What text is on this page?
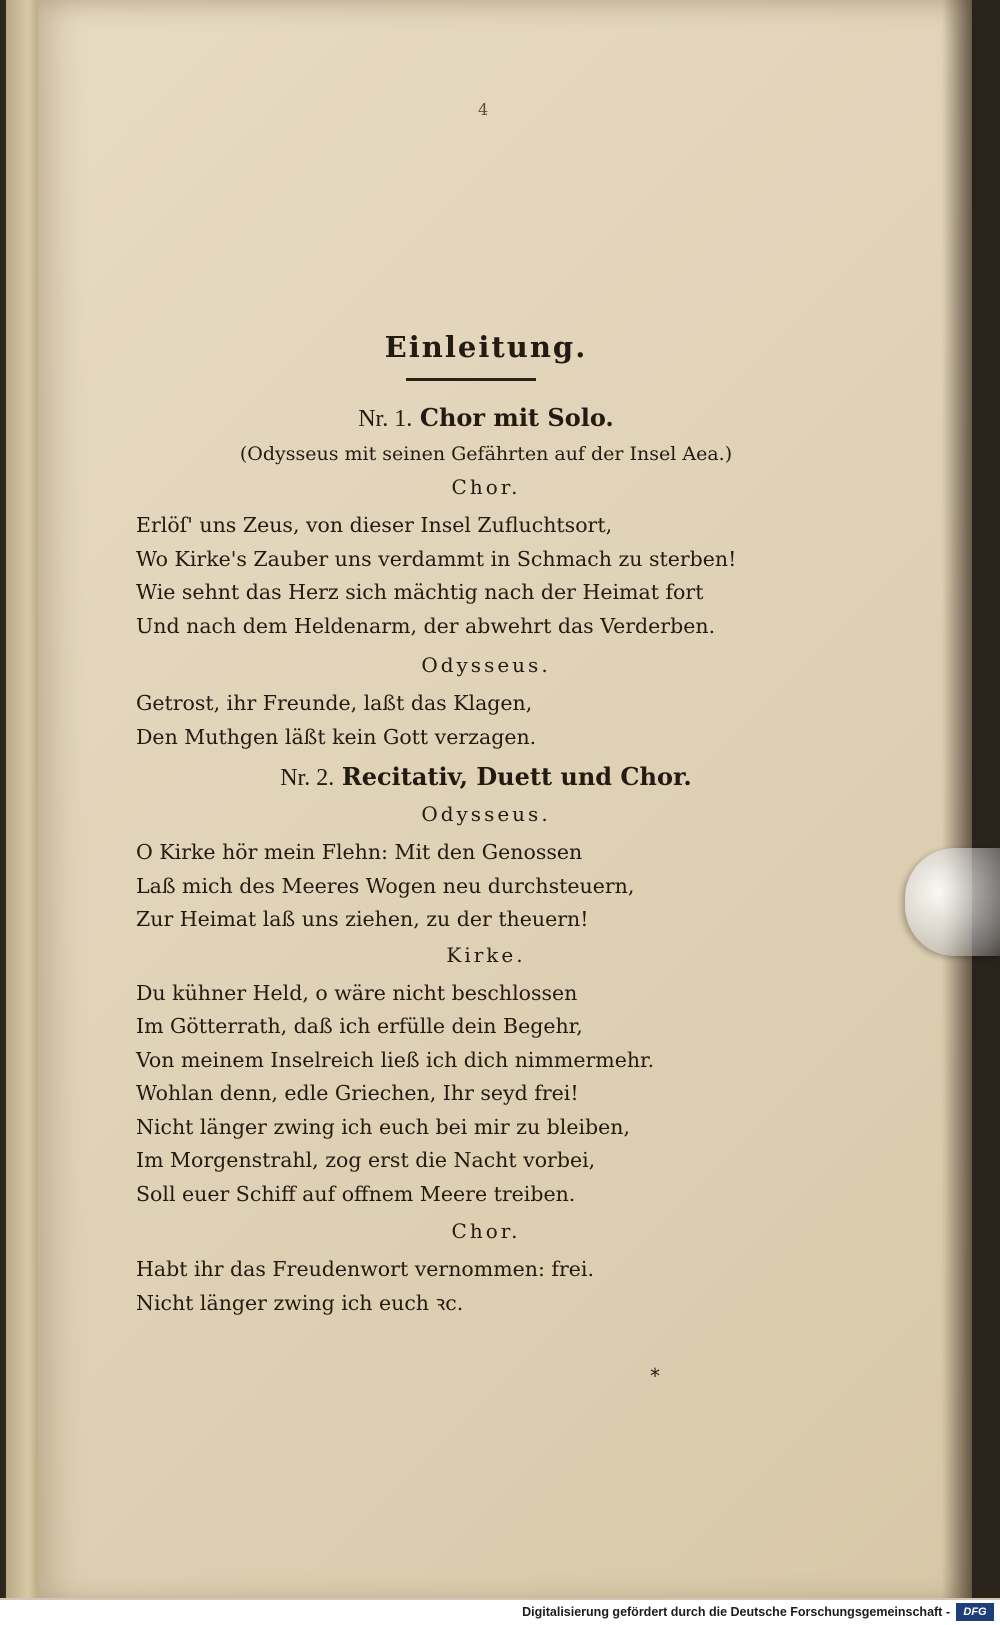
4
Einleitung.
Nr. 1. Chor mit Solo.
(Odysseus mit seinen Gefährten auf der Insel Aea.)
Chor.
Erlöſ' uns Zeus, von dieser Insel Zufluchtsort,
Wo Kirke's Zauber uns verdammt in Schmach zu sterben!
Wie sehnt das Herz sich mächtig nach der Heimat fort
Und nach dem Heldenarm, der abwehrt das Verderben.
Odysseus.
Getrost, ihr Freunde, laßt das Klagen,
Den Muthgen läßt kein Gott verzagen.
Nr. 2. Recitativ, Duett und Chor.
Odysseus.
O Kirke hör mein Flehn: Mit den Genossen
Laß mich des Meeres Wogen neu durchsteuern,
Zur Heimat laß uns ziehen, zu der theuern!
Kirke.
Du kühner Held, o wäre nicht beschlossen
Im Götterrath, daß ich erfülle dein Begehr,
Von meinem Inselreich ließ ich dich nimmermehr.
Wohlan denn, edle Griechen, Ihr seyd frei!
Nicht länger zwing ich euch bei mir zu bleiben,
Im Morgenstrahl, zog erst die Nacht vorbei,
Soll euer Schiff auf offnem Meere treiben.
Chor.
Habt ihr das Freudenwort vernommen: frei.
Nicht länger zwing ich euch ꝛc.
*
Digitalisierung gefördert durch die Deutsche Forschungsgemeinschaft -	DFG
